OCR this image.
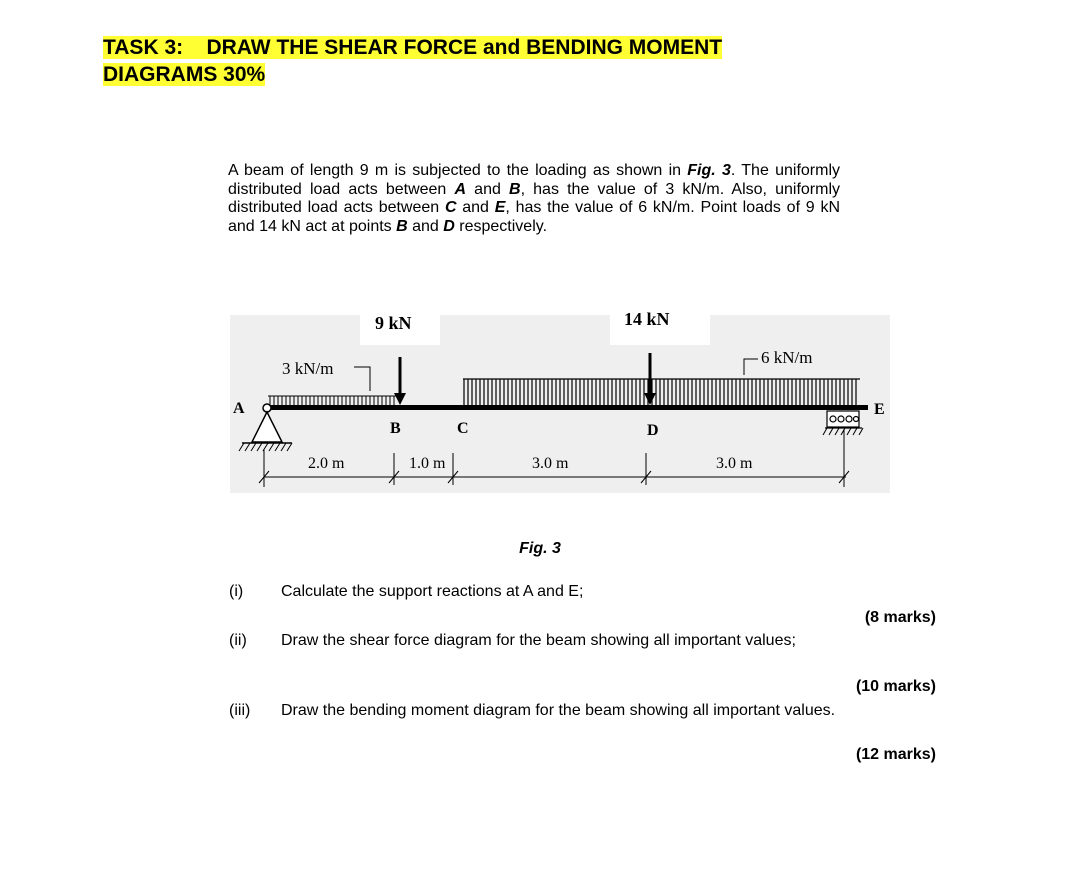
TASK 3:    DRAW THE SHEAR FORCE and BENDING MOMENT
DIAGRAMS 30%
A beam of length 9 m is subjected to the loading as shown in Fig. 3. The uniformly distributed load acts between A and B, has the value of 3 kN/m. Also, uniformly distributed load acts between C and E, has the value of 6 kN/m. Point loads of 9 kN and 14 kN act at points B and D respectively.
9 kN	14 kN
3 kN/m
6 kN/m
A
B	C	D
E
2.0 m	1.0 m	3.0 m	3.0 m
Fig. 3
(i) Calculate the support reactions at A and E;
(8 marks)
(ii) Draw the shear force diagram for the beam showing all important values;
(10 marks)
(iii) Draw the bending moment diagram for the beam showing all important values.
(12 marks)
